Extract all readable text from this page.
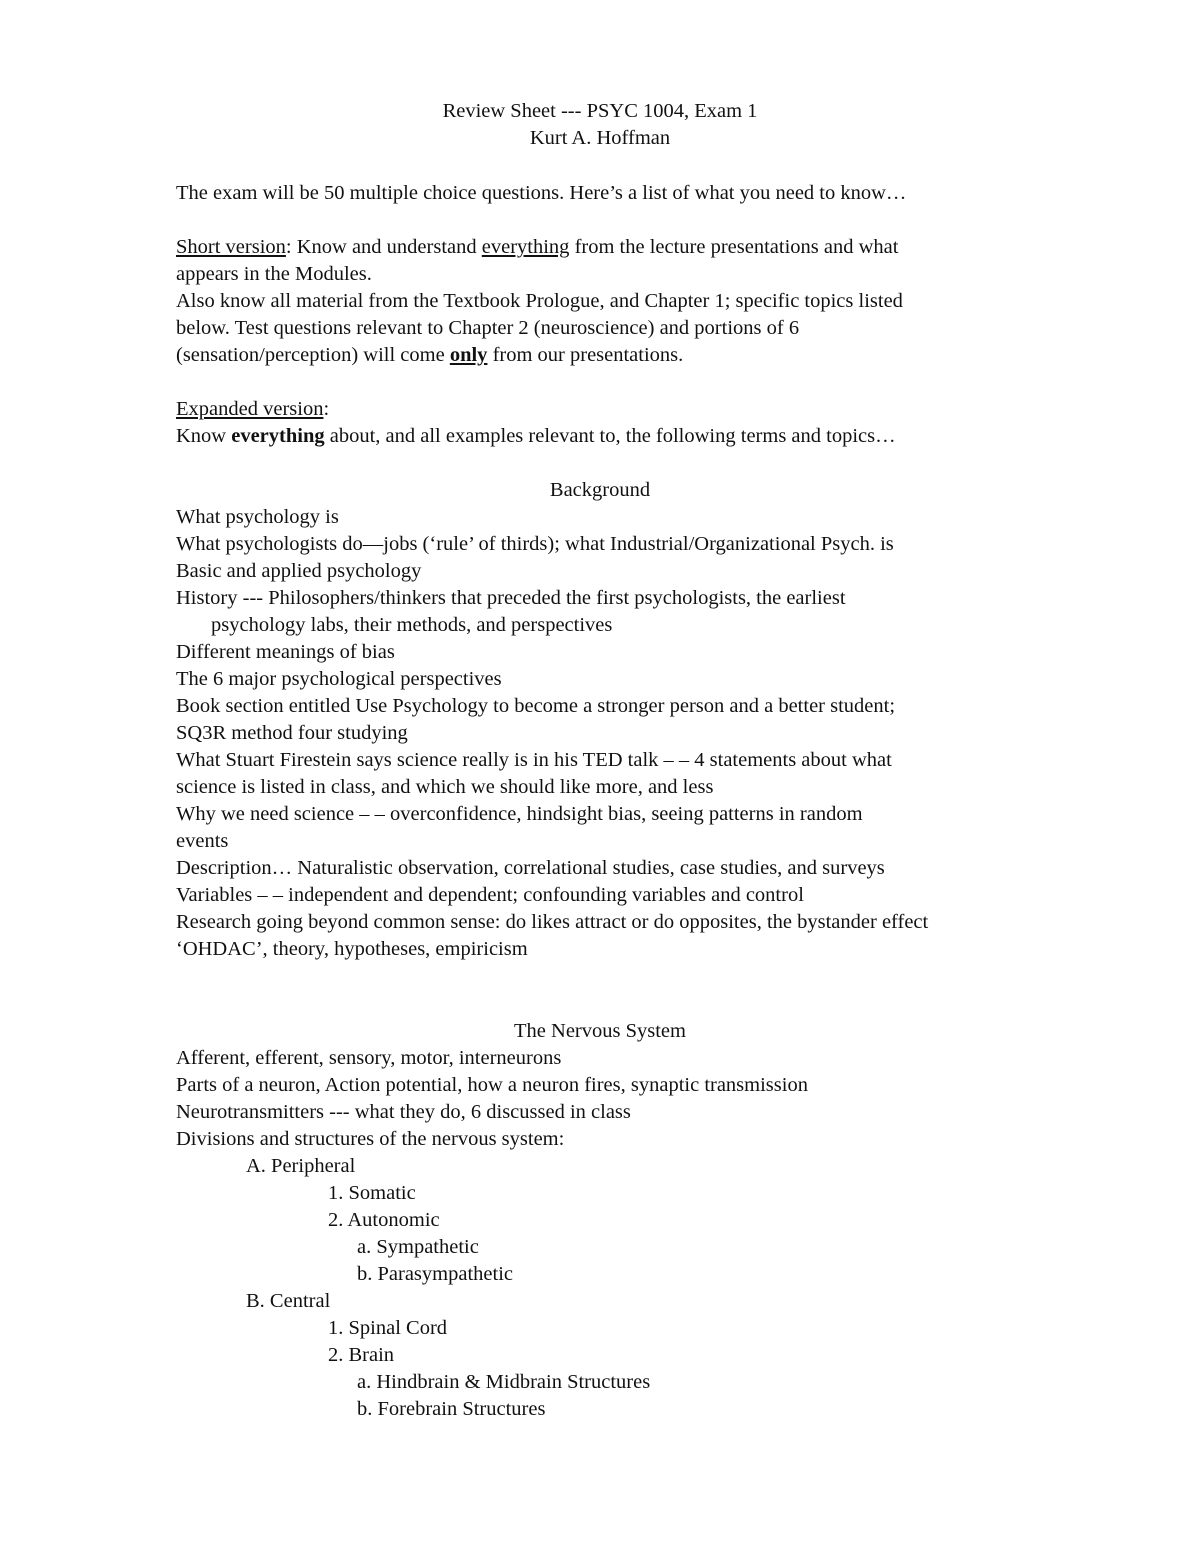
Review Sheet --- PSYC 1004, Exam 1
Kurt A. Hoffman
The exam will be 50 multiple choice questions. Here’s a list of what you need to know…
Short version: Know and understand everything from the lecture presentations and what
appears in the Modules.
Also know all material from the Textbook Prologue, and Chapter 1; specific topics listed
below. Test questions relevant to Chapter 2 (neuroscience) and portions of 6
(sensation/perception) will come only from our presentations.
Expanded version:
Know everything about, and all examples relevant to, the following terms and topics…
Background
What psychology is
What psychologists do—jobs (‘rule’ of thirds); what Industrial/Organizational Psych. is
Basic and applied psychology
History --- Philosophers/thinkers that preceded the first psychologists, the earliest
psychology labs, their methods, and perspectives
Different meanings of bias
The 6 major psychological perspectives
Book section entitled Use Psychology to become a stronger person and a better student;
SQ3R method four studying
What Stuart Firestein says science really is in his TED talk – – 4 statements about what
science is listed in class, and which we should like more, and less
Why we need science – – overconfidence, hindsight bias, seeing patterns in random
events
Description… Naturalistic observation, correlational studies, case studies, and surveys
Variables – – independent and dependent; confounding variables and control
Research going beyond common sense: do likes attract or do opposites, the bystander effect
‘OHDAC’, theory, hypotheses, empiricism
The Nervous System
Afferent, efferent, sensory, motor, interneurons
Parts of a neuron, Action potential, how a neuron fires, synaptic transmission
Neurotransmitters --- what they do, 6 discussed in class
Divisions and structures of the nervous system:
A. Peripheral
1. Somatic
2. Autonomic
a. Sympathetic
b. Parasympathetic
B. Central
1. Spinal Cord
2. Brain
a. Hindbrain & Midbrain Structures
b. Forebrain Structures
